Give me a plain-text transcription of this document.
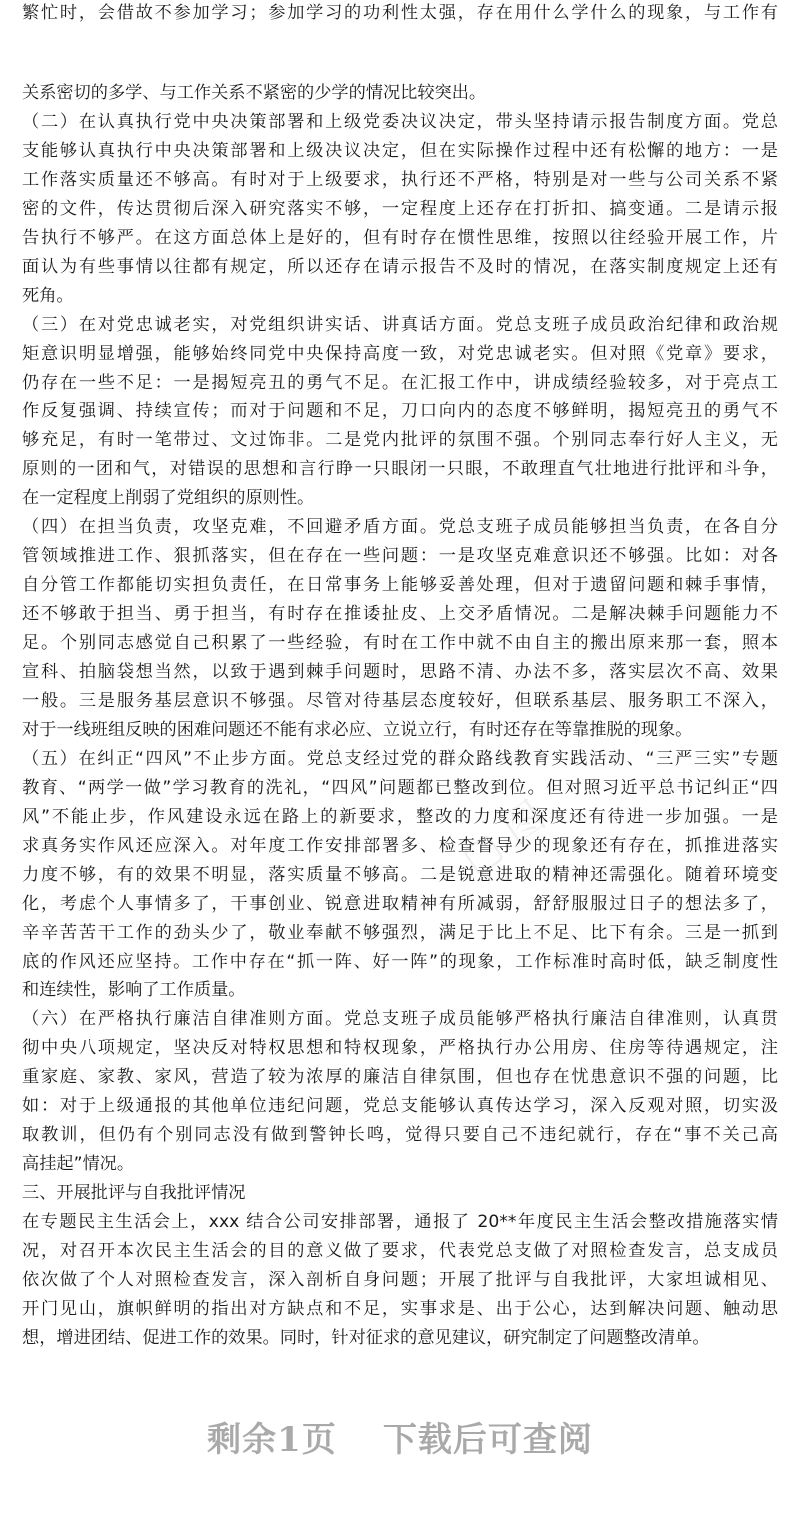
繁忙时，会借故不参加学习；参加学习的功利性太强，存在用什么学什么的现象，与工作有
关系密切的多学、与工作关系不紧密的少学的情况比较突出。
（二）在认真执行党中央决策部署和上级党委决议决定，带头坚持请示报告制度方面。党总
支能够认真执行中央决策部署和上级决议决定，但在实际操作过程中还有松懈的地方：一是
工作落实质量还不够高。有时对于上级要求，执行还不严格，特别是对一些与公司关系不紧
密的文件，传达贯彻后深入研究落实不够，一定程度上还存在打折扣、搞变通。二是请示报
告执行不够严。在这方面总体上是好的，但有时存在惯性思维，按照以往经验开展工作，片
面认为有些事情以往都有规定，所以还存在请示报告不及时的情况，在落实制度规定上还有
死角。
（三）在对党忠诚老实，对党组织讲实话、讲真话方面。党总支班子成员政治纪律和政治规
矩意识明显增强，能够始终同党中央保持高度一致，对党忠诚老实。但对照《党章》要求，
仍存在一些不足：一是揭短亮丑的勇气不足。在汇报工作中，讲成绩经验较多，对于亮点工
作反复强调、持续宣传；而对于问题和不足，刀口向内的态度不够鲜明，揭短亮丑的勇气不
够充足，有时一笔带过、文过饰非。二是党内批评的氛围不强。个别同志奉行好人主义，无
原则的一团和气，对错误的思想和言行睁一只眼闭一只眼，不敢理直气壮地进行批评和斗争，
在一定程度上削弱了党组织的原则性。
（四）在担当负责，攻坚克难，不回避矛盾方面。党总支班子成员能够担当负责，在各自分
管领域推进工作、狠抓落实，但在存在一些问题：一是攻坚克难意识还不够强。比如：对各
自分管工作都能切实担负责任，在日常事务上能够妥善处理，但对于遗留问题和棘手事情，
还不够敢于担当、勇于担当，有时存在推诿扯皮、上交矛盾情况。二是解决棘手问题能力不
足。个别同志感觉自己积累了一些经验，有时在工作中就不由自主的搬出原来那一套，照本
宣科、拍脑袋想当然，以致于遇到棘手问题时，思路不清、办法不多，落实层次不高、效果
一般。三是服务基层意识不够强。尽管对待基层态度较好，但联系基层、服务职工不深入，
对于一线班组反映的困难问题还不能有求必应、立说立行，有时还存在等靠推脱的现象。
（五）在纠正“四风”不止步方面。党总支经过党的群众路线教育实践活动、“三严三实”专题
教育、“两学一做”学习教育的洗礼，“四风”问题都已整改到位。但对照习近平总书记纠正“四
风”不能止步，作风建设永远在路上的新要求，整改的力度和深度还有待进一步加强。一是
求真务实作风还应深入。对年度工作安排部署多、检查督导少的现象还有存在，抓推进落实
力度不够，有的效果不明显，落实质量不够高。二是锐意进取的精神还需强化。随着环境变
化，考虑个人事情多了，干事创业、锐意进取精神有所减弱，舒舒服服过日子的想法多了，
辛辛苦苦干工作的劲头少了，敬业奉献不够强烈，满足于比上不足、比下有余。三是一抓到
底的作风还应坚持。工作中存在“抓一阵、好一阵”的现象，工作标准时高时低，缺乏制度性
和连续性，影响了工作质量。
（六）在严格执行廉洁自律准则方面。党总支班子成员能够严格执行廉洁自律准则，认真贯
彻中央八项规定，坚决反对特权思想和特权现象，严格执行办公用房、住房等待遇规定，注
重家庭、家教、家风，营造了较为浓厚的廉洁自律氛围，但也存在忧患意识不强的问题，比
如：对于上级通报的其他单位违纪问题，党总支能够认真传达学习，深入反观对照，切实汲
取教训，但仍有个别同志没有做到警钟长鸣，觉得只要自己不违纪就行，存在“事不关己高
高挂起”情况。
三、开展批评与自我批评情况
在专题民主生活会上，xxx 结合公司安排部署，通报了 20**年度民主生活会整改措施落实情
况，对召开本次民主生活会的目的意义做了要求，代表党总支做了对照检查发言，总支成员
依次做了个人对照检查发言，深入剖析自身问题；开展了批评与自我批评，大家坦诚相见、
开门见山，旗帜鲜明的指出对方缺点和不足，实事求是、出于公心，达到解决问题、触动思
想，增进团结、促进工作的效果。同时，针对征求的意见建议，研究制定了问题整改清单。
▢ 图
剩余1页 下载后可查阅
